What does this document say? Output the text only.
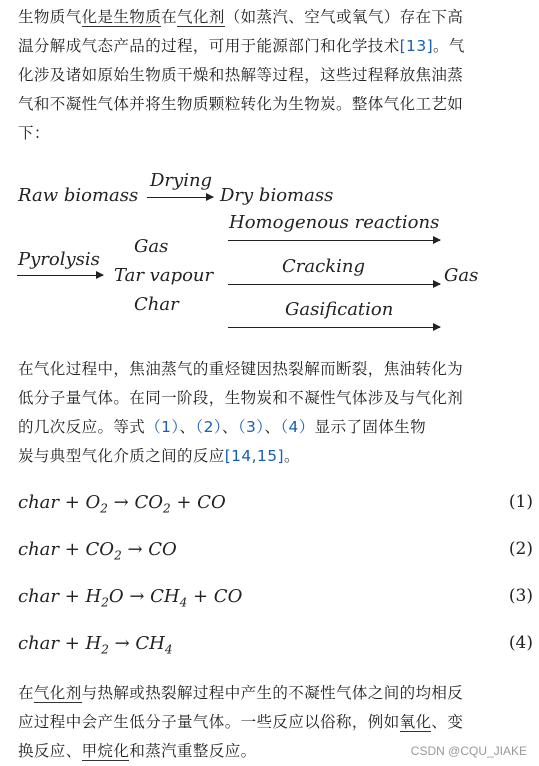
生物质气化是生物质在气化剂（如蒸汽、空气或氧气）存在下高
温分解成气态产品的过程，可用于能源部门和化学技术[13]。气
化涉及诸如原始生物质干燥和热解等过程，这些过程释放焦油蒸
气和不凝性气体并将生物质颗粒转化为生物炭。整体气化工艺如
下：
Raw biomass
Drying
Dry biomass
Homogenous reactions
Pyrolysis
Gas
Tar vapour
Char
Cracking	Gas
Gasification
在气化过程中，焦油蒸气的重烃键因热裂解而断裂，焦油转化为
低分子量气体。在同一阶段，生物炭和不凝性气体涉及与气化剂
的几次反应。等式（1）、（2）、（3）、（4）显示了固体生物
炭与典型气化介质之间的反应[14,15]。
char + $O_2 \to CO_2$ + CO	(1)
char + $CO_2$ → CO	(2)
char + $H_2O \to CH_4$ + CO	(3)
char + $H_2 \to CH_4$	(4)
在气化剂与热解或热裂解过程中产生的不凝性气体之间的均相反
应过程中会产生低分子量气体。一些反应以俗称，例如氧化、变
换反应、甲烷化和蒸汽重整反应。	CSDN @CQU_JIAKE
